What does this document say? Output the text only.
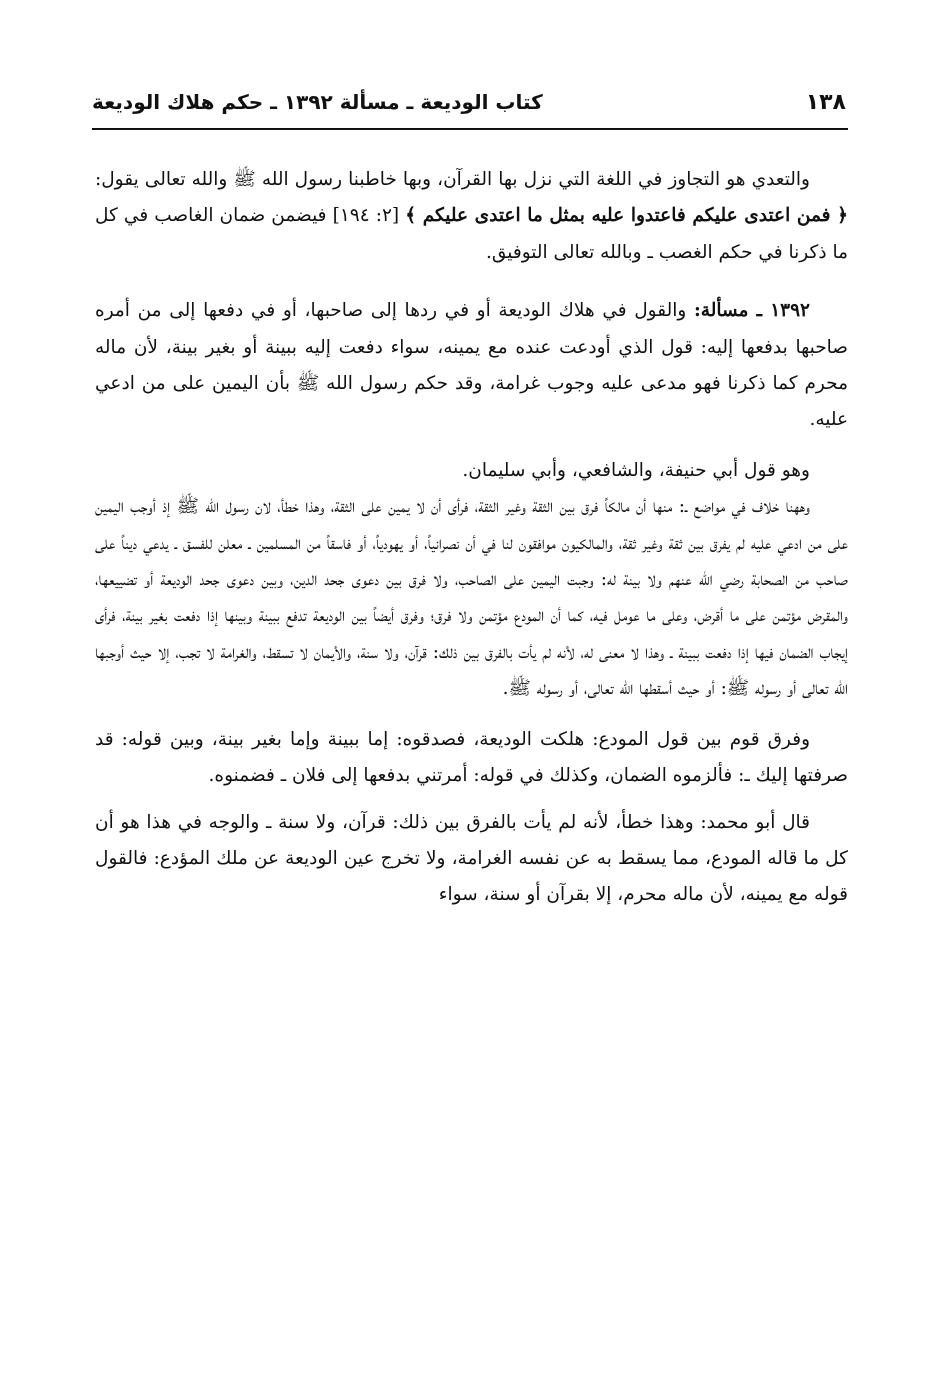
١٣٨
كتاب الوديعة ـ مسألة ١٣٩٢ ـ حكم هلاك الوديعة

والتعدي هو التجاوز في اللغة التي نزل بها القرآن، وبها خاطبنا رسول الله ﷺ والله تعالى يقول: ﴿ فمن اعتدى عليكم فاعتدوا عليه بمثل ما اعتدى عليكم ﴾ [٢: ١٩٤] فيضمن ضمان الغاصب في كل ما ذكرنا في حكم الغصب ـ وبالله تعالى التوفيق.

١٣٩٢ ـ مسألة: والقول في هلاك الوديعة أو في ردها إلى صاحبها، أو في دفعها إلى من أمره صاحبها بدفعها إليه: قول الذي أودعت عنده مع يمينه، سواء دفعت إليه ببينة أو بغير بينة، لأن ماله محرم كما ذكرنا فهو مدعى عليه وجوب غرامة، وقد حكم رسول الله ﷺ بأن اليمين على من ادعي عليه.

وهو قول أبي حنيفة، والشافعي، وأبي سليمان.

وههنا خلاف في مواضع ـ: منها أن مالكاً فرق بين الثقة وغير الثقة، فرأى أن لا يمين على الثقة، وهذا خطأ، لان رسول الله ﷺ إذ أوجب اليمين على من ادعي عليه لم يفرق بين ثقة وغير ثقة، والمالكيون موافقون لنا في أن نصرانياً، أو يهودياً، أو فاسقاً من المسلمين ـ معلن للفسق ـ يدعي ديناً على صاحب من الصحابة رضي الله عنهم ولا بينة له: وجبت اليمين على الصاحب، ولا فرق بين دعوى جحد الدين، وبين دعوى جحد الوديعة أو تضييعها، والمقرض مؤتمن على ما أقرض، وعلى ما عومل فيه، كما أن المودع مؤتمن ولا فرق؛ وفرق أيضاً بين الوديعة تدفع ببينة وبينها إذا دفعت بغير بينة، فرأى إيجاب الضمان فيها إذا دفعت ببينة ـ وهذا لا معنى له، لأنه لم يأت بالفرق بين ذلك: قرآن، ولا سنة، والأيمان لا تسقط، والغرامة لا تجب، إلا حيث أوجبها الله تعالى أو رسوله ﷺ: أو حيث أسقطها الله تعالى، أو رسوله ﷺ.

وفرق قوم بين قول المودع: هلكت الوديعة، فصدقوه: إما ببينة وإما بغير بينة، وبين قوله: قد صرفتها إليك ـ: فألزموه الضمان، وكذلك في قوله: أمرتني بدفعها إلى فلان ـ فضمنوه.

قال أبو محمد: وهذا خطأ، لأنه لم يأت بالفرق بين ذلك: قرآن، ولا سنة ـ والوجه في هذا هو أن كل ما قاله المودع، مما يسقط به عن نفسه الغرامة، ولا تخرج عين الوديعة عن ملك المؤدع: فالقول قوله مع يمينه، لأن ماله محرم، إلا بقرآن أو سنة، سواء
